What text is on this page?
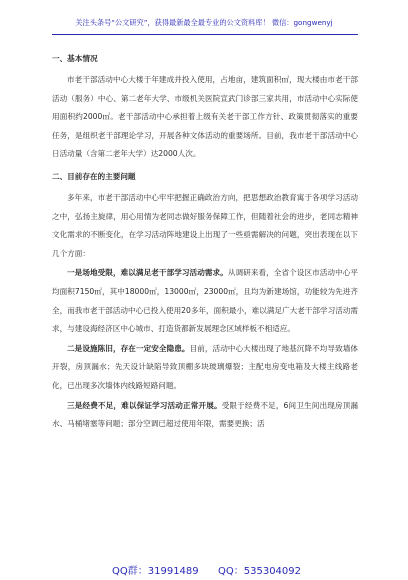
关注头条号“公文研究”，获得最新最全最专业的公文资料库！ 微信：gongwenyj
一、基本情况

市老干部活动中心大楼于年建成并投入使用，占地亩，建筑面积㎡，现大楼由市老干部活动（服务）中心、第二老年大学、市级机关医院宣武门诊部三家共用，市活动中心实际使用面积约2000㎡。老干部活动中心承担着上级有关老干部工作方针、政策贯彻落实的重要任务，是组织老干部理论学习，开展各种文体活动的重要场所。目前，我市老干部活动中心日活动量（含第二老年大学）达2000人次。

二、目前存在的主要问题

多年来，市老干部活动中心牢牢把握正确政治方向，把思想政治教育寓于各项学习活动之中，弘扬主旋律，用心用情为老同志做好服务保障工作，但随着社会的进步，老同志精神文化需求的不断变化，在学习活动阵地建设上出现了一些亟需解决的问题，突出表现在以下几个方面：

一是场地受限，难以满足老干部学习活动需求。从调研来看，全省个设区市活动中心平均面积7150㎡，其中18000㎡，13000㎡，23000㎡，且均为新建场馆，功能较为先进齐全，而我市老干部活动中心已投入使用20多年，面积最小，难以满足广大老干部学习活动需求，与建设海经济区中心城市、打造货都新发展理念区域样板不相适应。

二是设施陈旧，存在一定安全隐患。目前，活动中心大楼出现了地基沉降不均导致墙体开裂，房顶漏水；先天设计缺陷导致顶棚多块玻璃爆裂；主配电房变电箱及大楼主线路老化，已出现多次墙体内线路短路问题。

三是经费不足，难以保证学习活动正常开展。受限于经费不足，6间卫生间出现房顶漏水、马桶堵塞等问题；部分空调已超过使用年限，需要更换；活

QQ群：31991489 QQ：535304092
